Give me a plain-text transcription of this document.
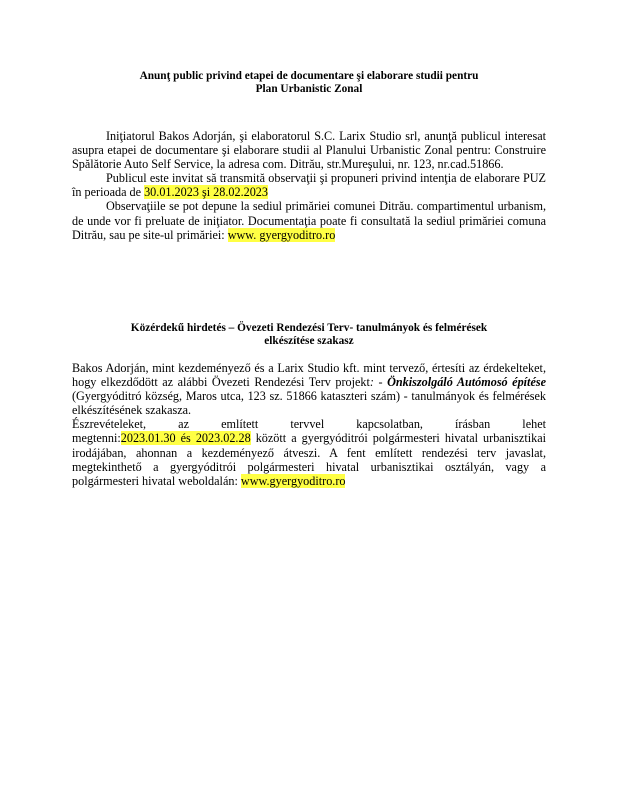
Anunţ public privind etapei de documentare şi elaborare studii pentru
Plan Urbanistic Zonal

Iniţiatorul Bakos Adorján, şi elaboratorul S.C. Larix Studio srl, anunţă publicul interesat asupra etapei de documentare şi elaborare studii al Planului Urbanistic Zonal pentru: Construire Spălătorie Auto Self Service, la adresa com. Ditrău, str.Mureşului, nr. 123, nr.cad.51866.

Publicul este invitat să transmită observaţii şi propuneri privind intenţia de elaborare PUZ în perioada de 30.01.2023 şi 28.02.2023

Observaţiile se pot depune la sediul primăriei comunei Ditrău. compartimentul urbanism, de unde vor fi preluate de iniţiator. Documentaţia poate fi consultată la sediul primăriei comuna Ditrău, sau pe site-ul primăriei: www. gyergyoditro.ro

Közérdekű hirdetés – Övezeti Rendezési Terv- tanulmányok és felmérések
elkészítése szakasz

Bakos Adorján, mint kezdeményező és a Larix Studio kft. mint tervező, értesíti az érdekelteket, hogy elkezdődött az alábbi Övezeti Rendezési Terv projekt: - Önkiszolgáló Autómosó építése (Gyergyóditró község, Maros utca, 123 sz. 51866 kataszteri szám) - tanulmányok és felmérések elkészítésének szakasza.

Észrevételeket, az említett tervvel kapcsolatban, írásban lehet
megtenni:2023.01.30 és 2023.02.28 között a gyergyóditrói polgármesteri hivatal urbanisztikai irodájában, ahonnan a kezdeményező átveszi. A fent említett rendezési terv javaslat, megtekinthető a gyergyóditrói polgármesteri hivatal urbanisztikai osztályán, vagy a polgármesteri hivatal weboldalán: www.gyergyoditro.ro
